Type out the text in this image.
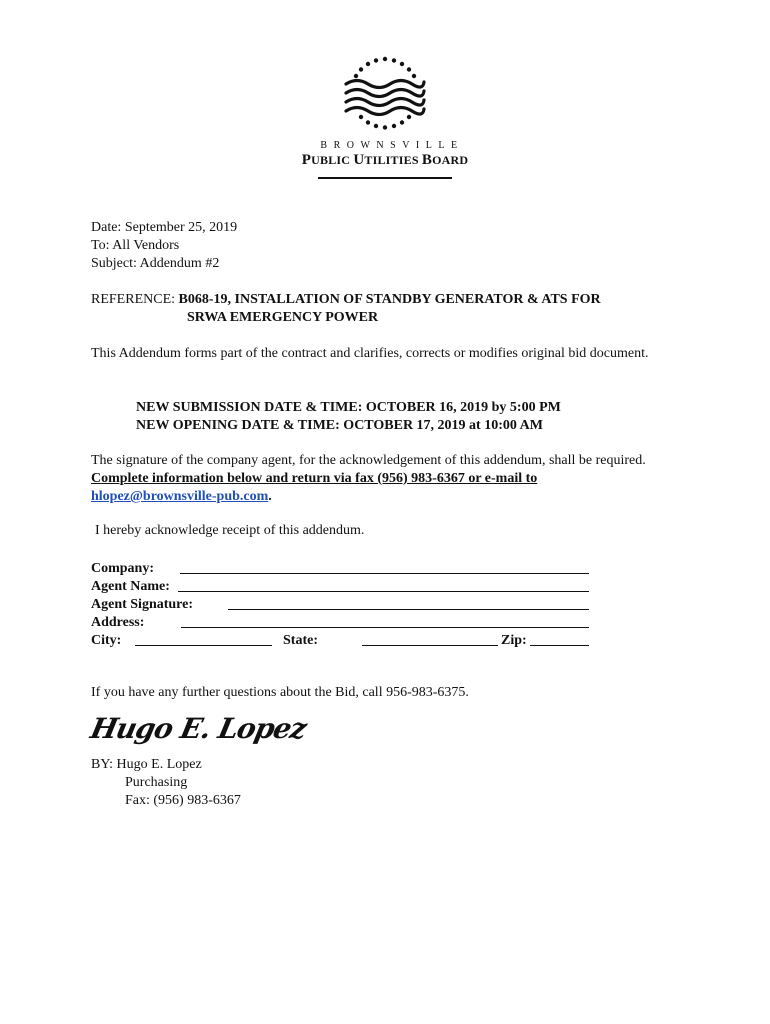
BROWNSVILLE
PUBLIC UTILITIES BOARD
Date: September 25, 2019
To: All Vendors
Subject: Addendum #2
REFERENCE: B068-19, INSTALLATION OF STANDBY GENERATOR & ATS FOR
SRWA EMERGENCY POWER
This Addendum forms part of the contract and clarifies, corrects or modifies original bid document.
NEW SUBMISSION DATE & TIME: OCTOBER 16, 2019 by 5:00 PM
NEW OPENING DATE & TIME: OCTOBER 17, 2019 at 10:00 AM
The signature of the company agent, for the acknowledgement of this addendum, shall be required. Complete information below and return via fax (956) 983-6367 or e-mail to hlopez@brownsville-pub.com.
I hereby acknowledge receipt of this addendum.
Company:
Agent Name:
Agent Signature:
Address:
City:	State:	Zip:
If you have any further questions about the Bid, call 956-983-6375.
Hugo E. Lopez
BY: Hugo E. Lopez
Purchasing
Fax: (956) 983-6367
